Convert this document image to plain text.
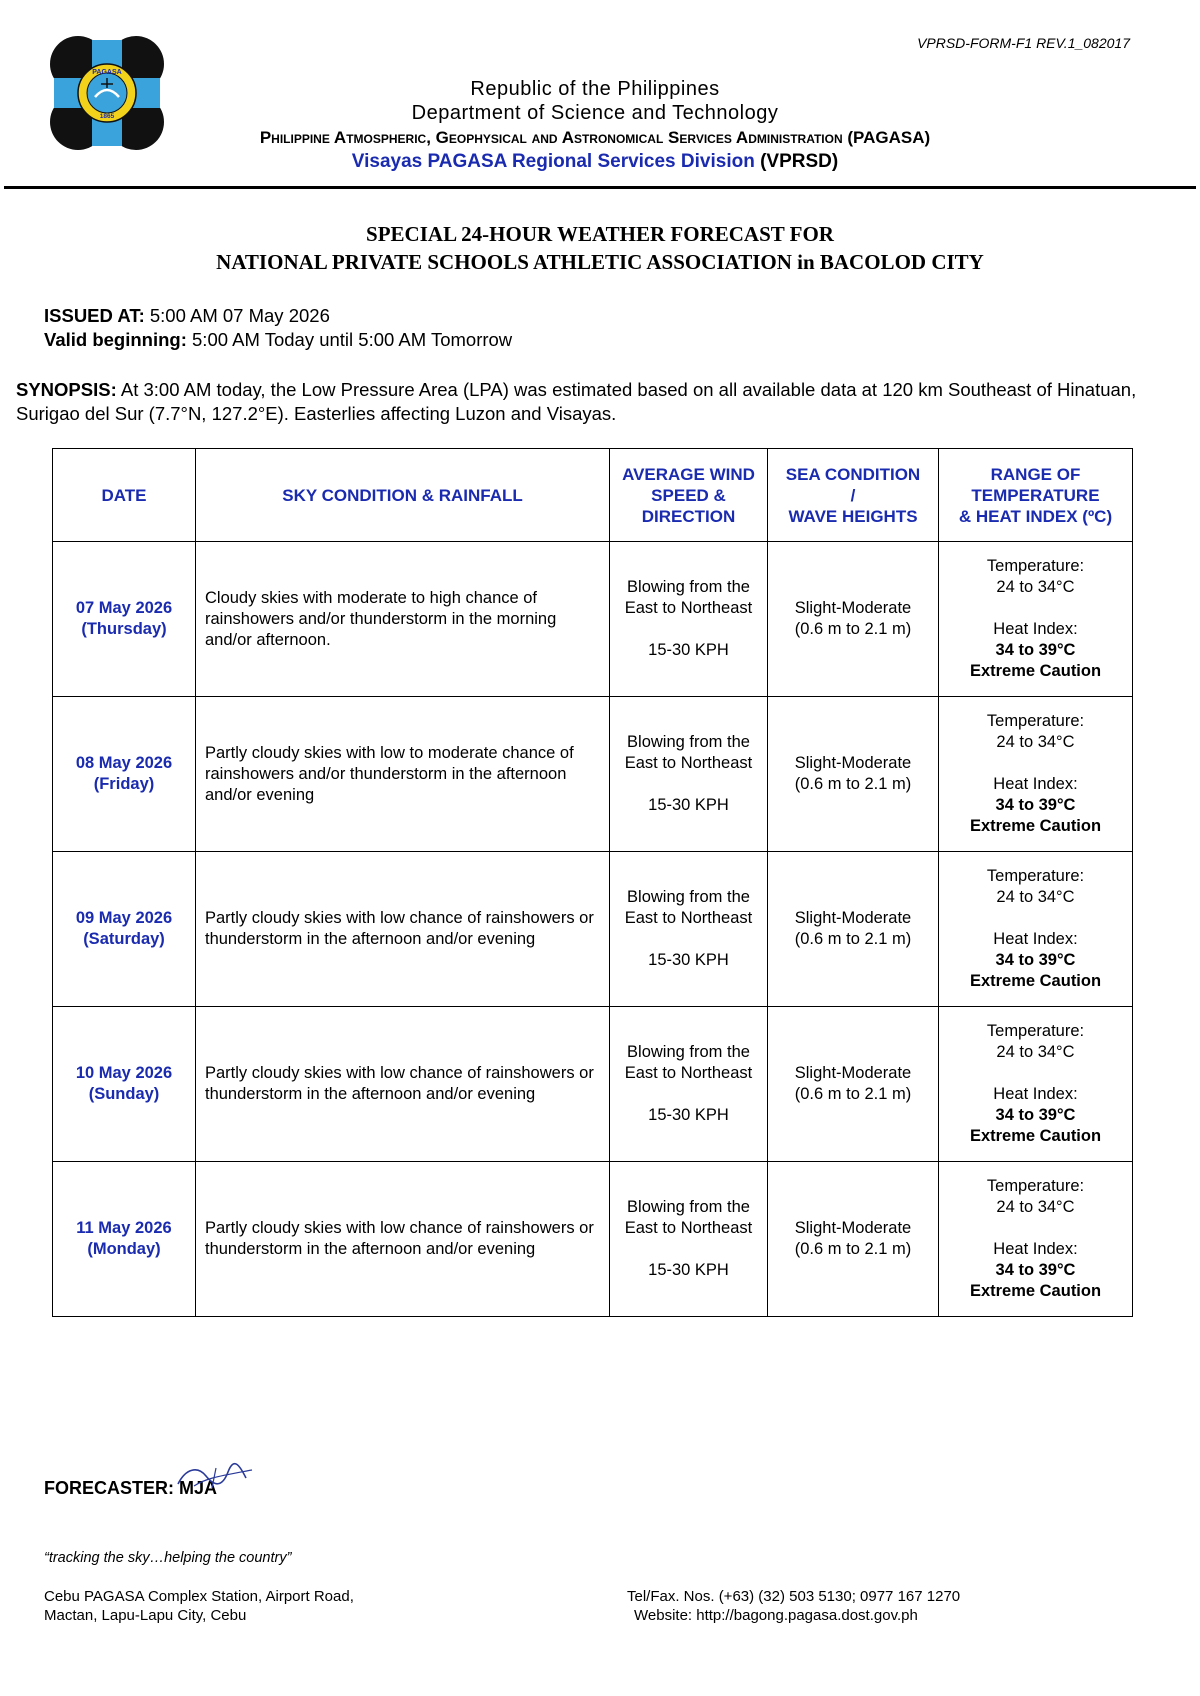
VPRSD-FORM-F1 REV.1_082017
PAGASA
1865
Republic of the Philippines
Department of Science and Technology
Philippine Atmospheric, Geophysical and Astronomical Services Administration (PAGASA)
Visayas PAGASA Regional Services Division (VPRSD)
SPECIAL 24-HOUR WEATHER FORECAST FOR
NATIONAL PRIVATE SCHOOLS ATHLETIC ASSOCIATION in BACOLOD CITY
ISSUED AT: 5:00 AM 07 May 2026
Valid beginning: 5:00 AM Today until 5:00 AM Tomorrow
SYNOPSIS: At 3:00 AM today, the Low Pressure Area (LPA) was estimated based on all available data at 120 km Southeast of Hinatuan, Surigao del Sur (7.7°N, 127.2°E). Easterlies affecting Luzon and Visayas.
DATE	SKY CONDITION & RAINFALL	AVERAGE WIND
SPEED &
DIRECTION	SEA CONDITION
/
WAVE HEIGHTS	RANGE OF
TEMPERATURE
& HEAT INDEX (ºC)
07 May 2026
(Thursday)	Cloudy skies with moderate to high chance of rainshowers and/or thunderstorm in the morning and/or afternoon.	Blowing from the
East to Northeast
15-30 KPH	Slight-Moderate
(0.6 m to 2.1 m)	Temperature:
24 to 34°C
Heat Index:
34 to 39°C
Extreme Caution
08 May 2026
(Friday)	Partly cloudy skies with low to moderate chance of rainshowers and/or thunderstorm in the afternoon and/or evening	Blowing from the
East to Northeast
15-30 KPH	Slight-Moderate
(0.6 m to 2.1 m)	Temperature:
24 to 34°C
Heat Index:
34 to 39°C
Extreme Caution
09 May 2026
(Saturday)	Partly cloudy skies with low chance of rainshowers or thunderstorm in the afternoon and/or evening	Blowing from the
East to Northeast
15-30 KPH	Slight-Moderate
(0.6 m to 2.1 m)	Temperature:
24 to 34°C
Heat Index:
34 to 39°C
Extreme Caution
10 May 2026
(Sunday)	Partly cloudy skies with low chance of rainshowers or thunderstorm in the afternoon and/or evening	Blowing from the
East to Northeast
15-30 KPH	Slight-Moderate
(0.6 m to 2.1 m)	Temperature:
24 to 34°C
Heat Index:
34 to 39°C
Extreme Caution
11 May 2026
(Monday)	Partly cloudy skies with low chance of rainshowers or thunderstorm in the afternoon and/or evening	Blowing from the
East to Northeast
15-30 KPH	Slight-Moderate
(0.6 m to 2.1 m)	Temperature:
24 to 34°C
Heat Index:
34 to 39°C
Extreme Caution
FORECASTER: MJA
“tracking the sky…helping the country”
Cebu PAGASA Complex Station, Airport Road,
Mactan, Lapu-Lapu City, Cebu
Tel/Fax. Nos. (+63) (32) 503 5130; 0977 167 1270
Website: http://bagong.pagasa.dost.gov.ph
